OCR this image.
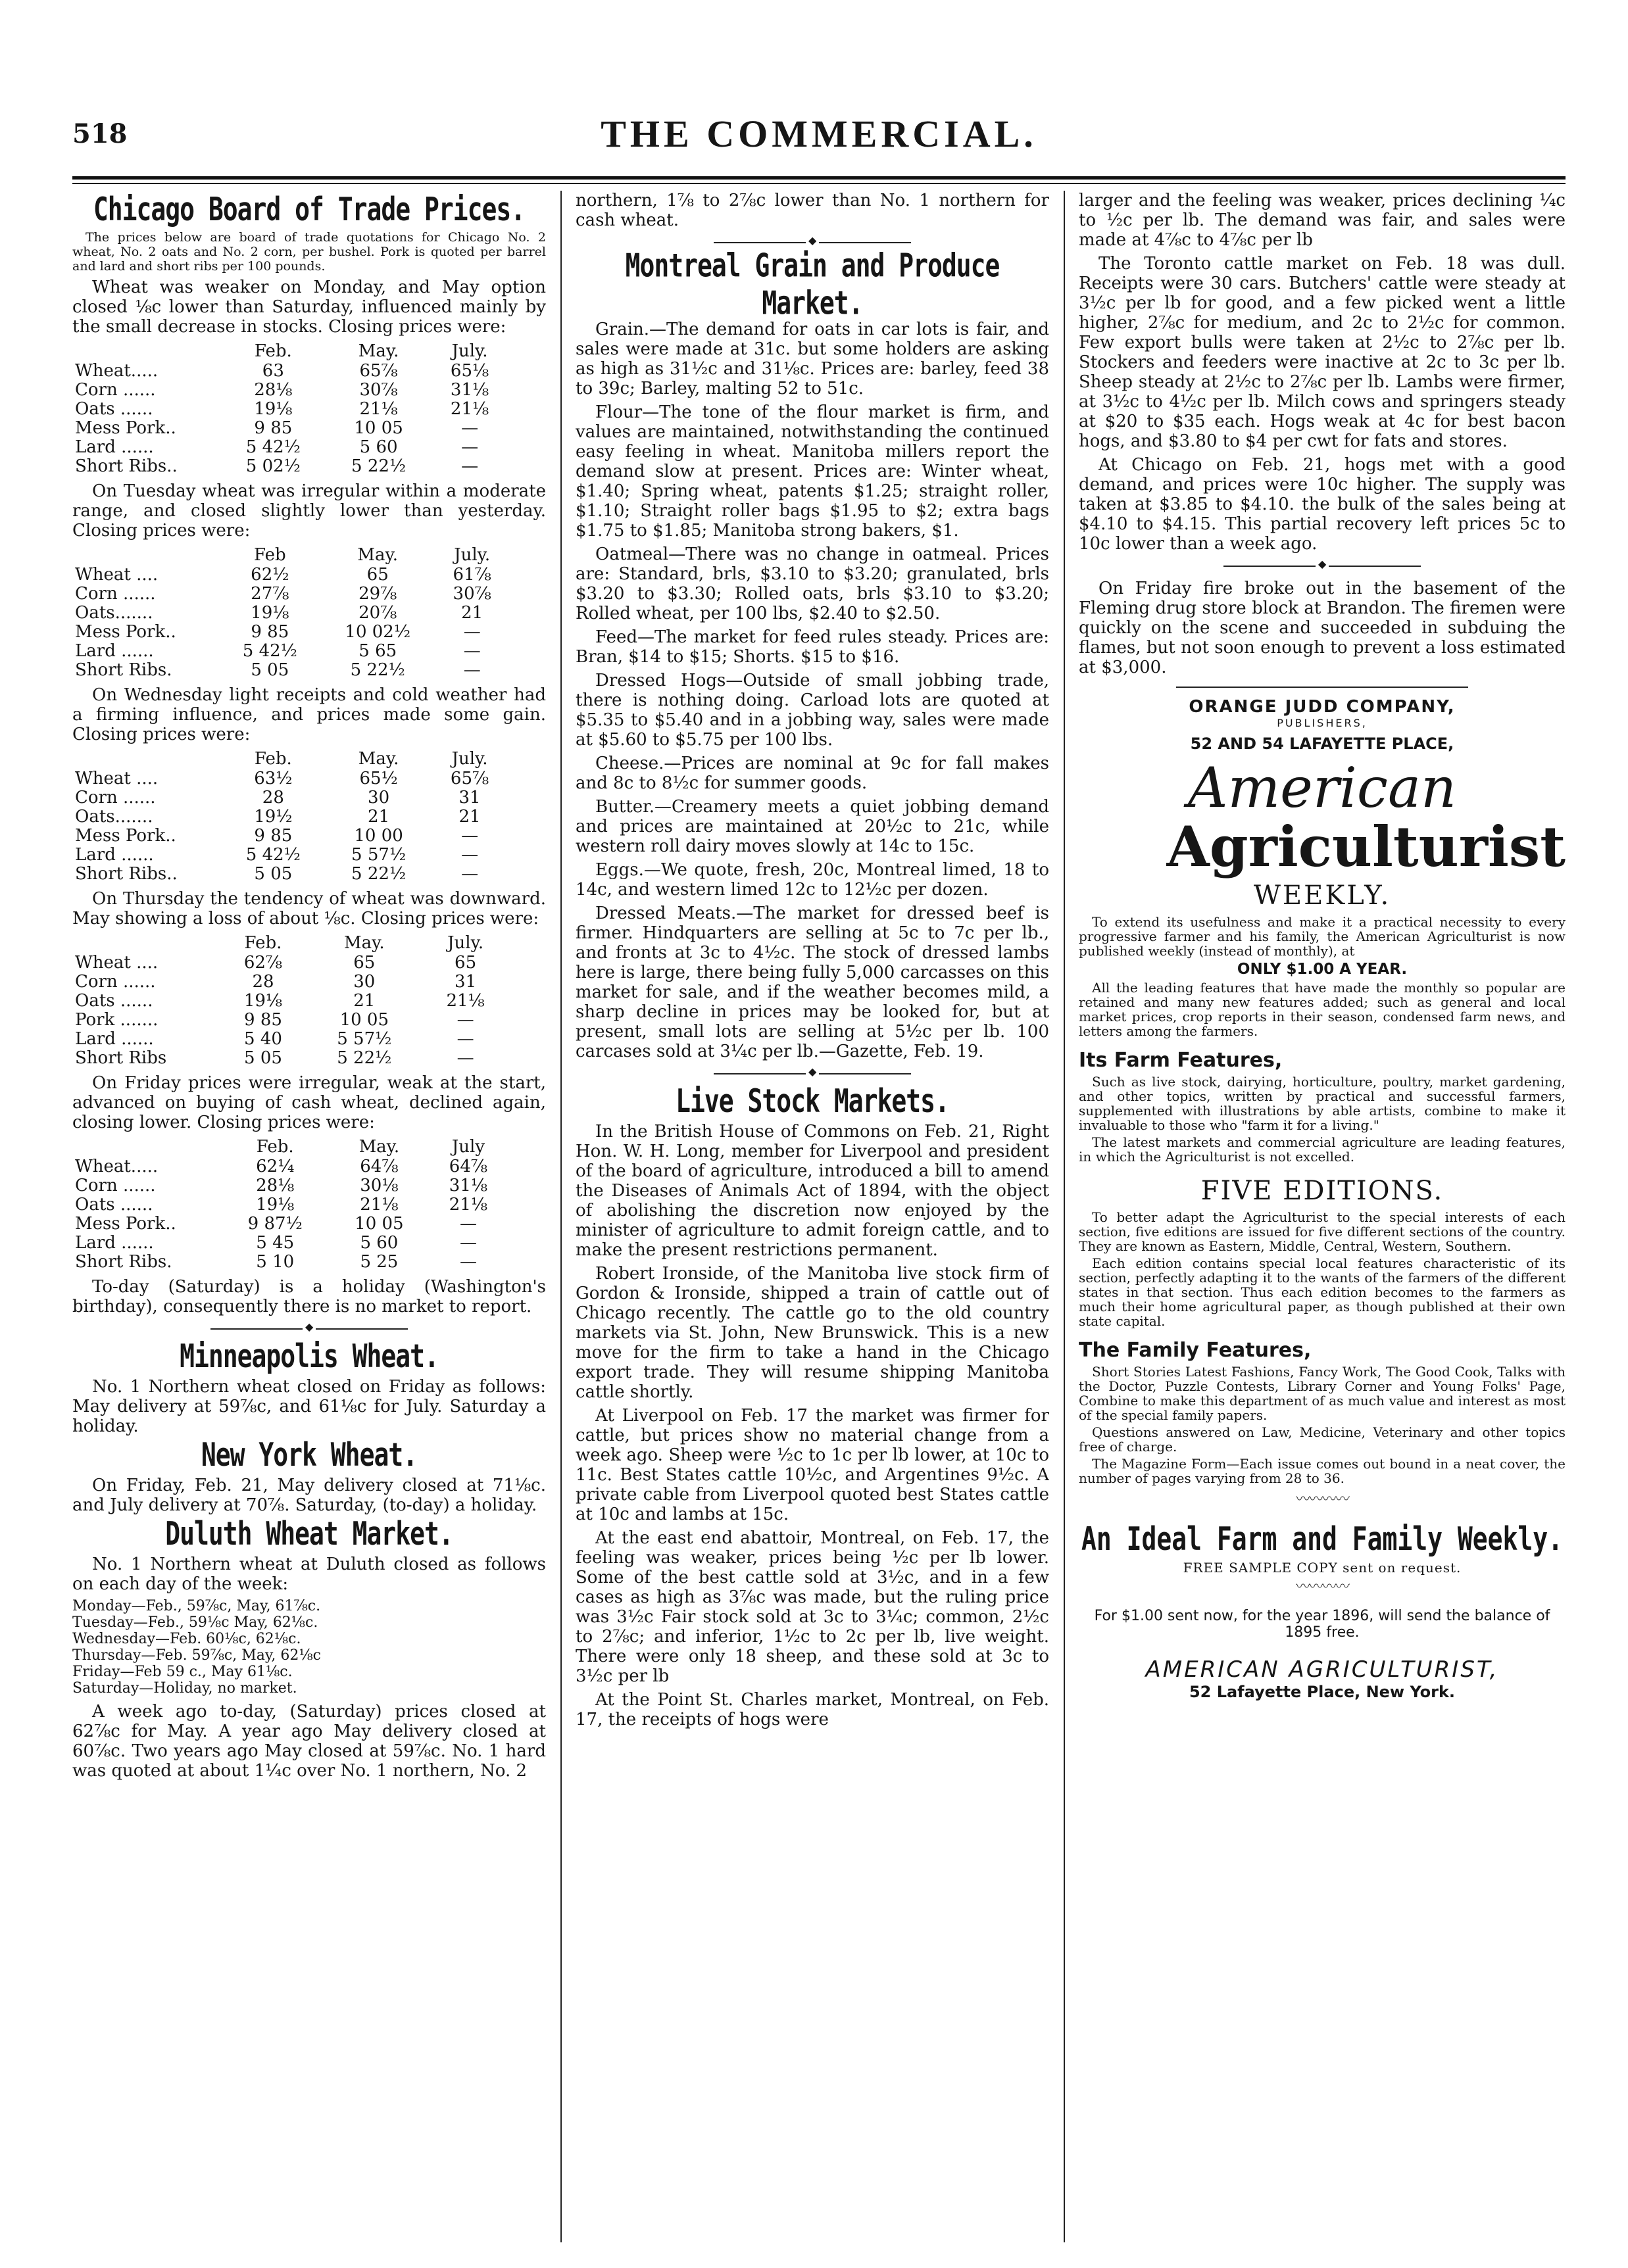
518	THE COMMERCIAL.
Chicago Board of Trade Prices.

The prices below are board of trade quotations for Chicago No. 2 wheat, No. 2 oats and No. 2 corn, per bushel. Pork is quoted per barrel and lard and short ribs per 100 pounds.

Wheat was weaker on Monday, and May option closed ⅛c lower than Saturday, influenced mainly by the small decrease in stocks. Closing prices were:

	Feb.	May.	July.
Wheat.....	63	65⅞	65⅛
Corn ......	28⅛	30⅞	31⅛
Oats ......	19⅛	21⅛	21⅛
Mess Pork..	9 85	10 05	—
Lard ......	5 42½	5 60	—
Short Ribs..	5 02½	5 22½	—

On Tuesday wheat was irregular within a moderate range, and closed slightly lower than yesterday. Closing prices were:

	Feb	May.	July.
Wheat ....	62½	65	61⅞
Corn ......	27⅞	29⅞	30⅞
Oats.......	19⅛	20⅞	21
Mess Pork..	9 85	10 02½	—
Lard ......	5 42½	5 65	—
Short Ribs.	5 05	5 22½	—

On Wednesday light receipts and cold weather had a firming influence, and prices made some gain. Closing prices were:

	Feb.	May.	July.
Wheat ....	63½	65½	65⅞
Corn ......	28	30	31
Oats.......	19½	21	21
Mess Pork..	9 85	10 00	—
Lard ......	5 42½	5 57½	—
Short Ribs..	5 05	5 22½	—

On Thursday the tendency of wheat was downward. May showing a loss of about ⅛c. Closing prices were:

	Feb.	May.	July.
Wheat ....	62⅞	65	65
Corn ......	28	30	31
Oats ......	19⅛	21	21⅛
Pork .......	9 85	10 05	—
Lard ......	5 40	5 57½	—
Short Ribs	5 05	5 22½	—

On Friday prices were irregular, weak at the start, advanced on buying of cash wheat, declined again, closing lower. Closing prices were:

	Feb.	May.	July
Wheat.....	62¼	64⅞	64⅞
Corn ......	28⅛	30⅛	31⅛
Oats ......	19⅛	21⅛	21⅛
Mess Pork..	9 87½	10 05	—
Lard ......	5 45	5 60	—
Short Ribs.	5 10	5 25	—

To-day (Saturday) is a holiday (Washington's birthday), consequently there is no market to report.

◆
Minneapolis Wheat.

No. 1 Northern wheat closed on Friday as follows: May delivery at 59⅞c, and 61⅛c for July. Saturday a holiday.

New York Wheat.

On Friday, Feb. 21, May delivery closed at 71⅛c. and July delivery at 70⅞. Saturday, (to-day) a holiday.

Duluth Wheat Market.

No. 1 Northern wheat at Duluth closed as follows on each day of the week:

Monday—Feb., 59⅞c, May, 61⅞c.
Tuesday—Feb., 59⅛c May, 62⅛c.
Wednesday—Feb. 60⅛c, 62⅛c.
Thursday—Feb. 59⅞c, May, 62⅛c
Friday—Feb 59 c., May 61⅛c.
Saturday—Holiday, no market.

A week ago to-day, (Saturday) prices closed at 62⅞c for May. A year ago May delivery closed at 60⅞c. Two years ago May closed at 59⅞c. No. 1 hard was quoted at about 1¼c over No. 1 northern, No. 2

northern, 1⅞ to 2⅞c lower than No. 1 northern for cash wheat.

◆
Montreal Grain and Produce Market.

Grain.—The demand for oats in car lots is fair, and sales were made at 31c. but some holders are asking as high as 31½c and 31⅛c. Prices are: barley, feed 38 to 39c; Barley, malting 52 to 51c.

Flour—The tone of the flour market is firm, and values are maintained, notwithstanding the continued easy feeling in wheat. Manitoba millers report the demand slow at present. Prices are: Winter wheat, $1.40; Spring wheat, patents $1.25; straight roller, $1.10; Straight roller bags $1.95 to $2; extra bags $1.75 to $1.85; Manitoba strong bakers, $1.

Oatmeal—There was no change in oatmeal. Prices are: Standard, brls, $3.10 to $3.20; granulated, brls $3.20 to $3.30; Rolled oats, brls $3.10 to $3.20; Rolled wheat, per 100 lbs, $2.40 to $2.50.

Feed—The market for feed rules steady. Prices are: Bran, $14 to $15; Shorts. $15 to $16.

Dressed Hogs—Outside of small jobbing trade, there is nothing doing. Carload lots are quoted at $5.35 to $5.40 and in a jobbing way, sales were made at $5.60 to $5.75 per 100 lbs.

Cheese.—Prices are nominal at 9c for fall makes and 8c to 8½c for summer goods.

Butter.—Creamery meets a quiet jobbing demand and prices are maintained at 20½c to 21c, while western roll dairy moves slowly at 14c to 15c.

Eggs.—We quote, fresh, 20c, Montreal limed, 18 to 14c, and western limed 12c to 12½c per dozen.

Dressed Meats.—The market for dressed beef is firmer. Hindquarters are selling at 5c to 7c per lb., and fronts at 3c to 4½c. The stock of dressed lambs here is large, there being fully 5,000 carcasses on this market for sale, and if the weather becomes mild, a sharp decline in prices may be looked for, but at present, small lots are selling at 5½c per lb. 100 carcases sold at 3¼c per lb.—Gazette, Feb. 19.

◆
Live Stock Markets.

In the British House of Commons on Feb. 21, Right Hon. W. H. Long, member for Liverpool and president of the board of agriculture, introduced a bill to amend the Diseases of Animals Act of 1894, with the object of abolishing the discretion now enjoyed by the minister of agriculture to admit foreign cattle, and to make the present restrictions permanent.

Robert Ironside, of the Manitoba live stock firm of Gordon & Ironside, shipped a train of cattle out of Chicago recently. The cattle go to the old country markets via St. John, New Brunswick. This is a new move for the firm to take a hand in the Chicago export trade. They will resume shipping Manitoba cattle shortly.

At Liverpool on Feb. 17 the market was firmer for cattle, but prices show no material change from a week ago. Sheep were ½c to 1c per lb lower, at 10c to 11c. Best States cattle 10½c, and Argentines 9½c. A private cable from Liverpool quoted best States cattle at 10c and lambs at 15c.

At the east end abattoir, Montreal, on Feb. 17, the feeling was weaker, prices being ½c per lb lower. Some of the best cattle sold at 3½c, and in a few cases as high as 3⅞c was made, but the ruling price was 3½c Fair stock sold at 3c to 3¼c; common, 2½c to 2⅞c; and inferior, 1½c to 2c per lb, live weight. There were only 18 sheep, and these sold at 3c to 3½c per lb

At the Point St. Charles market, Montreal, on Feb. 17, the receipts of hogs were

larger and the feeling was weaker, prices declining ¼c to ½c per lb. The demand was fair, and sales were made at 4⅞c to 4⅞c per lb

The Toronto cattle market on Feb. 18 was dull. Receipts were 30 cars. Butchers' cattle were steady at 3½c per lb for good, and a few picked went a little higher, 2⅞c for medium, and 2c to 2½c for common. Few export bulls were taken at 2½c to 2⅞c per lb. Stockers and feeders were inactive at 2c to 3c per lb. Sheep steady at 2½c to 2⅞c per lb. Lambs were firmer, at 3½c to 4½c per lb. Milch cows and springers steady at $20 to $35 each. Hogs weak at 4c for best bacon hogs, and $3.80 to $4 per cwt for fats and stores.

At Chicago on Feb. 21, hogs met with a good demand, and prices were 10c higher. The supply was taken at $3.85 to $4.10. the bulk of the sales being at $4.10 to $4.15. This partial recovery left prices 5c to 10c lower than a week ago.

◆

On Friday fire broke out in the basement of the Fleming drug store block at Brandon. The firemen were quickly on the scene and succeeded in subduing the flames, but not soon enough to prevent a loss estimated at $3,000.

ORANGE JUDD COMPANY,
PUBLISHERS,
52 AND 54 LAFAYETTE PLACE,
American
Agriculturist
WEEKLY.
To extend its usefulness and make it a practical necessity to every progressive farmer and his family, the American Agriculturist is now published weekly (instead of monthly), at
ONLY $1.00 A YEAR.
All the leading features that have made the monthly so popular are retained and many new features added; such as general and local market prices, crop reports in their season, condensed farm news, and letters among the farmers.
Its Farm Features,
Such as live stock, dairying, horticulture, poultry, market gardening, and other topics, written by practical and successful farmers, supplemented with illustrations by able artists, combine to make it invaluable to those who "farm it for a living."
The latest markets and commercial agriculture are leading features, in which the Agriculturist is not excelled.
FIVE EDITIONS.
To better adapt the Agriculturist to the special interests of each section, five editions are issued for five different sections of the country. They are known as Eastern, Middle, Central, Western, Southern.
Each edition contains special local features characteristic of its section, perfectly adapting it to the wants of the farmers of the different states in that section. Thus each edition becomes to the farmers as much their home agricultural paper, as though published at their own state capital.
The Family Features,
Short Stories Latest Fashions, Fancy Work, The Good Cook, Talks with the Doctor, Puzzle Contests, Library Corner and Young Folks' Page, Combine to make this department of as much value and interest as most of the special family papers.
Questions answered on Law, Medicine, Veterinary and other topics free of charge.
The Magazine Form—Each issue comes out bound in a neat cover, the number of pages varying from 28 to 36.
〰〰〰〰
An Ideal Farm and Family Weekly.
FREE SAMPLE COPY sent on request.
〰〰〰〰
For $1.00 sent now, for the year 1896, will send the balance of 1895 free.
AMERICAN AGRICULTURIST,
52 Lafayette Place, New York.
